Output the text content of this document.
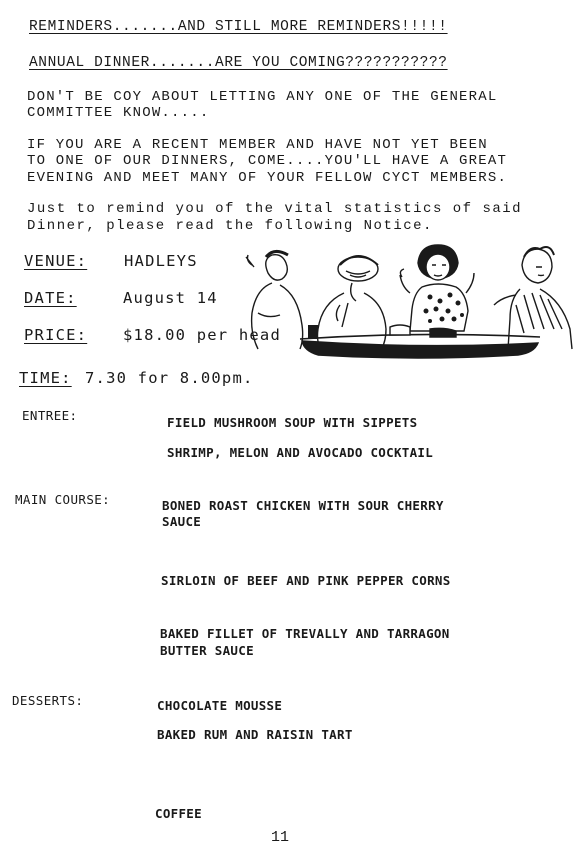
REMINDERS.......AND STILL MORE REMINDERS!!!!!
ANNUAL DINNER.......ARE YOU COMING???????????
DON'T BE COY ABOUT LETTING ANY ONE OF THE GENERAL
COMMITTEE KNOW.....
IF YOU ARE A RECENT MEMBER AND HAVE NOT YET BEEN
TO ONE OF OUR DINNERS, COME....YOU'LL HAVE A GREAT
EVENING AND MEET MANY OF YOUR FELLOW CYCT MEMBERS.
Just to remind you of the vital statistics of said
Dinner, please read the following Notice.
VENUE: HADLEYS
DATE:	August 14
PRICE: $18.00 per head
TIME: 7.30 for 8.00pm.
ENTREE:	FIELD MUSHROOM SOUP WITH SIPPETS
SHRIMP, MELON AND AVOCADO COCKTAIL
MAIN COURSE:	BONED ROAST CHICKEN WITH SOUR CHERRY
SAUCE
SIRLOIN OF BEEF AND PINK PEPPER CORNS
BAKED FILLET OF TREVALLY AND TARRAGON
BUTTER SAUCE
DESSERTS:	CHOCOLATE MOUSSE
BAKED RUM AND RAISIN TART
COFFEE
11
